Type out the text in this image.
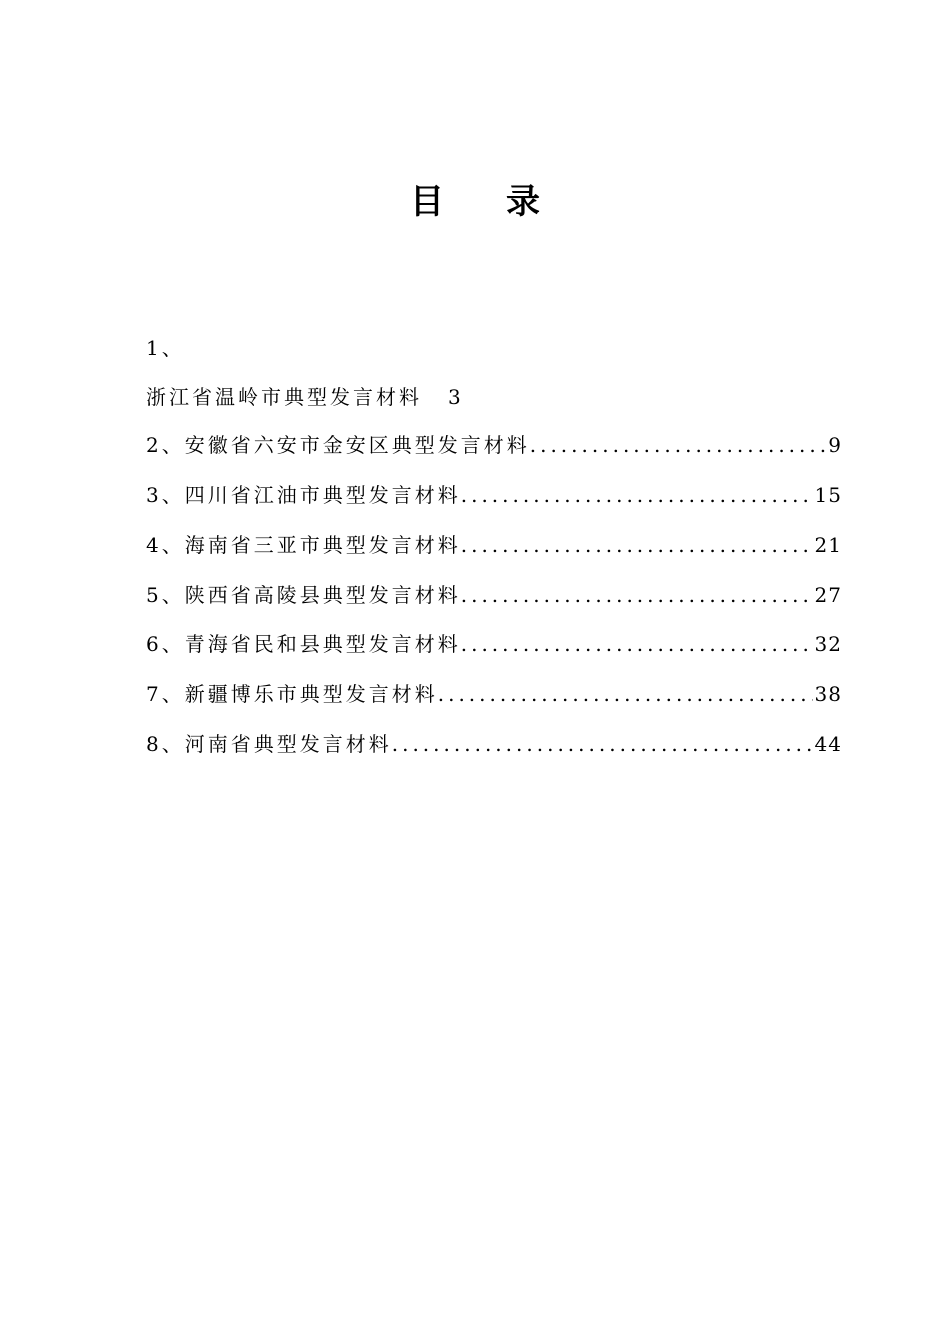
目 录
1、
浙江省温岭市典型发言材料 3
2、 安徽省六安市金安区典型发言材料 .....	9
3、 四川省江油市典型发言材料 .....	15
4、 海南省三亚市典型发言材料 .....	21
5、 陕西省高陵县典型发言材料 .....	27
6、 青海省民和县典型发言材料 .....	32
7、 新疆博乐市典型发言材料 .....	38
8、 河南省典型发言材料 .....	44
